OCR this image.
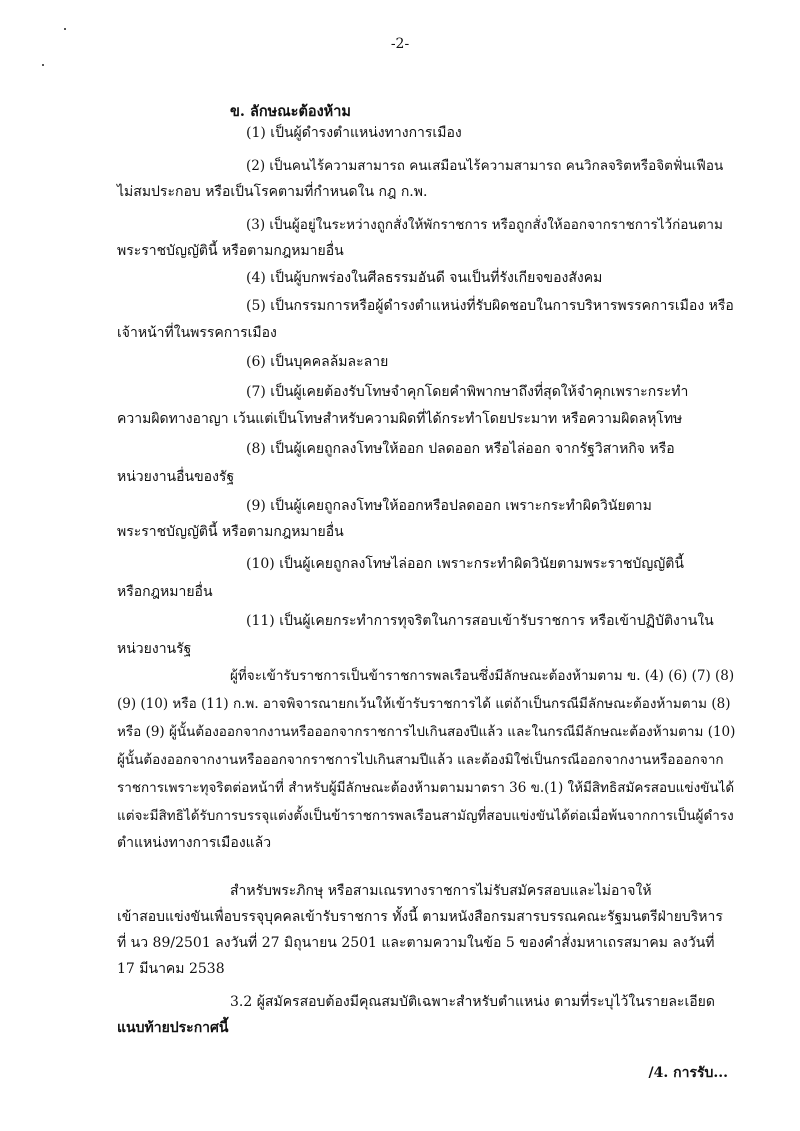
-2-
ข. ลักษณะต้องห้าม
(1) เป็นผู้ดำรงตำแหน่งทางการเมือง
(2) เป็นคนไร้ความสามารถ คนเสมือนไร้ความสามารถ คนวิกลจริตหรือจิตฟั่นเฟือน
ไม่สมประกอบ หรือเป็นโรคตามที่กำหนดใน กฎ ก.พ.
(3) เป็นผู้อยู่ในระหว่างถูกสั่งให้พักราชการ หรือถูกสั่งให้ออกจากราชการไว้ก่อนตาม
พระราชบัญญัตินี้ หรือตามกฎหมายอื่น
(4) เป็นผู้บกพร่องในศีลธรรมอันดี จนเป็นที่รังเกียจของสังคม
(5) เป็นกรรมการหรือผู้ดำรงตำแหน่งที่รับผิดชอบในการบริหารพรรคการเมือง หรือ
เจ้าหน้าที่ในพรรคการเมือง
(6) เป็นบุคคลล้มละลาย
(7) เป็นผู้เคยต้องรับโทษจำคุกโดยคำพิพากษาถึงที่สุดให้จำคุกเพราะกระทำ
ความผิดทางอาญา เว้นแต่เป็นโทษสำหรับความผิดที่ได้กระทำโดยประมาท หรือความผิดลหุโทษ
(8) เป็นผู้เคยถูกลงโทษให้ออก ปลดออก หรือไล่ออก จากรัฐวิสาหกิจ หรือ
หน่วยงานอื่นของรัฐ
(9) เป็นผู้เคยถูกลงโทษให้ออกหรือปลดออก เพราะกระทำผิดวินัยตาม
พระราชบัญญัตินี้ หรือตามกฎหมายอื่น
(10) เป็นผู้เคยถูกลงโทษไล่ออก เพราะกระทำผิดวินัยตามพระราชบัญญัตินี้
หรือกฎหมายอื่น
(11) เป็นผู้เคยกระทำการทุจริตในการสอบเข้ารับราชการ หรือเข้าปฏิบัติงานใน
หน่วยงานรัฐ
ผู้ที่จะเข้ารับราชการเป็นข้าราชการพลเรือนซึ่งมีลักษณะต้องห้ามตาม ข. (4) (6) (7) (8)
(9) (10) หรือ (11) ก.พ. อาจพิจารณายกเว้นให้เข้ารับราชการได้ แต่ถ้าเป็นกรณีมีลักษณะต้องห้ามตาม (8)
หรือ (9) ผู้นั้นต้องออกจากงานหรือออกจากราชการไปเกินสองปีแล้ว และในกรณีมีลักษณะต้องห้ามตาม (10)
ผู้นั้นต้องออกจากงานหรือออกจากราชการไปเกินสามปีแล้ว และต้องมิใช่เป็นกรณีออกจากงานหรือออกจาก
ราชการเพราะทุจริตต่อหน้าที่ สำหรับผู้มีลักษณะต้องห้ามตามมาตรา 36 ข.(1) ให้มีสิทธิสมัครสอบแข่งขันได้
แต่จะมีสิทธิได้รับการบรรจุแต่งตั้งเป็นข้าราชการพลเรือนสามัญที่สอบแข่งขันได้ต่อเมื่อพ้นจากการเป็นผู้ดำรง
ตำแหน่งทางการเมืองแล้ว
สำหรับพระภิกษุ หรือสามเณรทางราชการไม่รับสมัครสอบและไม่อาจให้
เข้าสอบแข่งขันเพื่อบรรจุบุคคลเข้ารับราชการ ทั้งนี้ ตามหนังสือกรมสารบรรณคณะรัฐมนตรีฝ่ายบริหาร
ที่ นว 89/2501 ลงวันที่ 27 มิถุนายน 2501 และตามความในข้อ 5 ของคำสั่งมหาเถรสมาคม ลงวันที่
17 มีนาคม 2538
3.2 ผู้สมัครสอบต้องมีคุณสมบัติเฉพาะสำหรับตำแหน่ง ตามที่ระบุไว้ในรายละเอียด
แนบท้ายประกาศนี้
/4. การรับ...
